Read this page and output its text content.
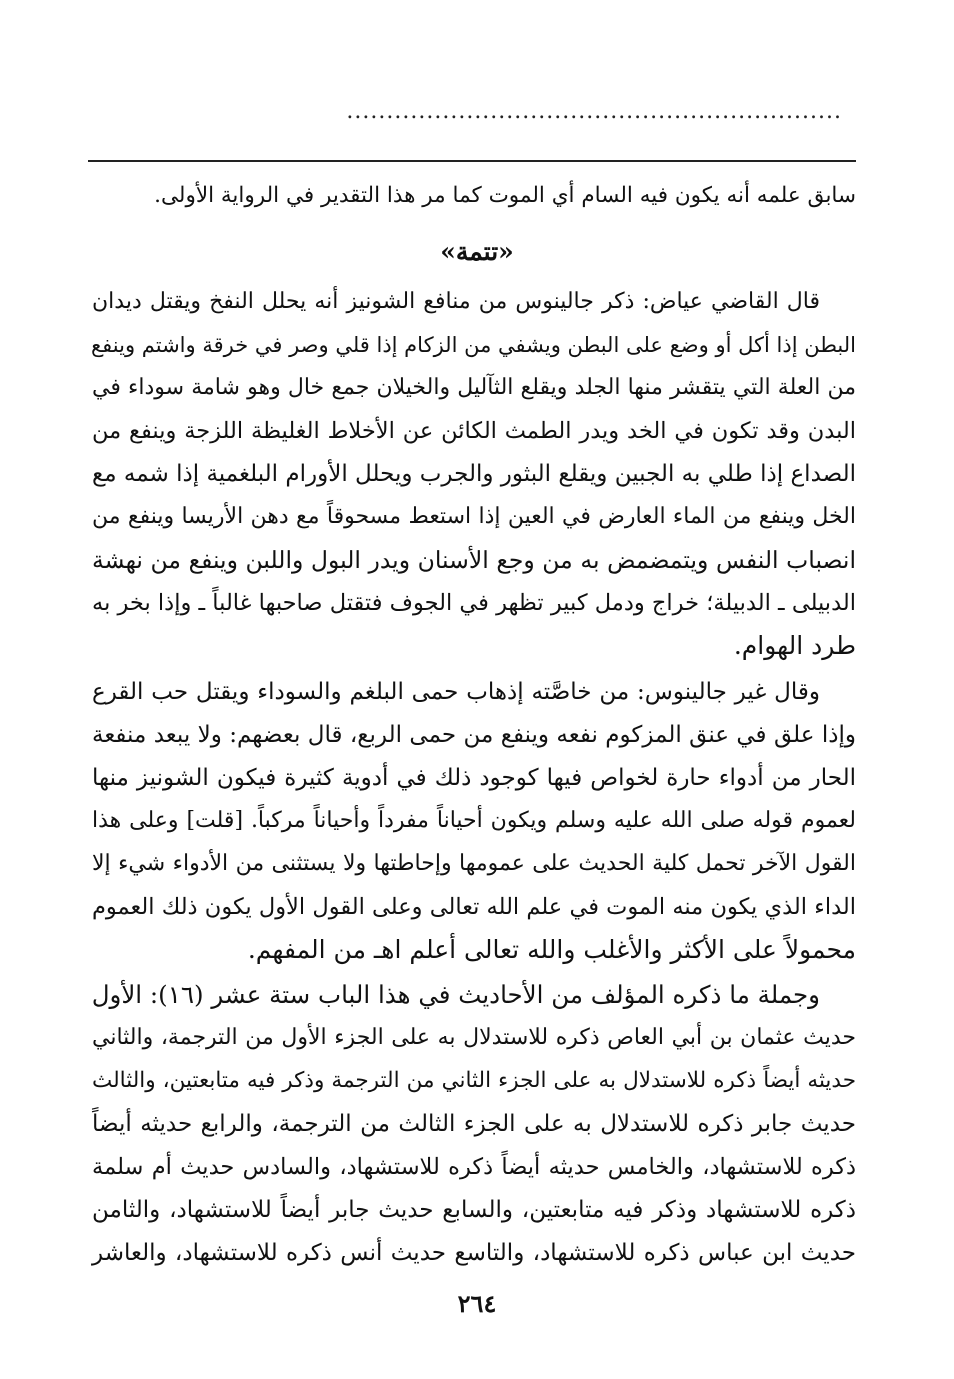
..............................................................
سابق علمه أنه يكون فيه السام أي الموت كما مر هذا التقدير في الرواية الأولى.
«تتمة»
قال القاضي عياض: ذكر جالينوس من منافع الشونيز أنه يحلل النفخ ويقتل ديدان
البطن إذا أكل أو وضع على البطن ويشفي من الزكام إذا قلي وصر في خرقة واشتم وينفع
من العلة التي يتقشر منها الجلد ويقلع الثآليل والخيلان جمع خال وهو شامة سوداء في
البدن وقد تكون في الخد ويدر الطمث الكائن عن الأخلاط الغليظة اللزجة وينفع من
الصداع إذا طلي به الجبين ويقلع البثور والجرب ويحلل الأورام البلغمية إذا شمه مع
الخل وينفع من الماء العارض في العين إذا استعط مسحوقاً مع دهن الأريسا وينفع من
انصباب النفس ويتمضمض به من وجع الأسنان ويدر البول واللبن وينفع من نهشة
الدبيلى ـ الدبيلة؛ خراج ودمل كبير تظهر في الجوف فتقتل صاحبها غالباً ـ وإذا بخر به
طرد الهوام.
وقال غير جالينوس: من خاصَّته إذهاب حمى البلغم والسوداء ويقتل حب القرع
وإذا علق في عنق المزكوم نفعه وينفع من حمى الربع، قال بعضهم: ولا يبعد منفعة
الحار من أدواء حارة لخواص فيها كوجود ذلك في أدوية كثيرة فيكون الشونيز منها
لعموم قوله صلى الله عليه وسلم ويكون أحياناً مفرداً وأحياناً مركباً. [قلت] وعلى هذا
القول الآخر تحمل كلية الحديث على عمومها وإحاطتها ولا يستثنى من الأدواء شيء إلا
الداء الذي يكون منه الموت في علم الله تعالى وعلى القول الأول يكون ذلك العموم
محمولاً على الأكثر والأغلب والله تعالى أعلم اهـ من المفهم.
وجملة ما ذكره المؤلف من الأحاديث في هذا الباب ستة عشر (١٦): الأول
حديث عثمان بن أبي العاص ذكره للاستدلال به على الجزء الأول من الترجمة، والثاني
حديثه أيضاً ذكره للاستدلال به على الجزء الثاني من الترجمة وذكر فيه متابعتين، والثالث
حديث جابر ذكره للاستدلال به على الجزء الثالث من الترجمة، والرابع حديثه أيضاً
ذكره للاستشهاد، والخامس حديثه أيضاً ذكره للاستشهاد، والسادس حديث أم سلمة
ذكره للاستشهاد وذكر فيه متابعتين، والسابع حديث جابر أيضاً للاستشهاد، والثامن
حديث ابن عباس ذكره للاستشهاد، والتاسع حديث أنس ذكره للاستشهاد، والعاشر
٢٦٤
